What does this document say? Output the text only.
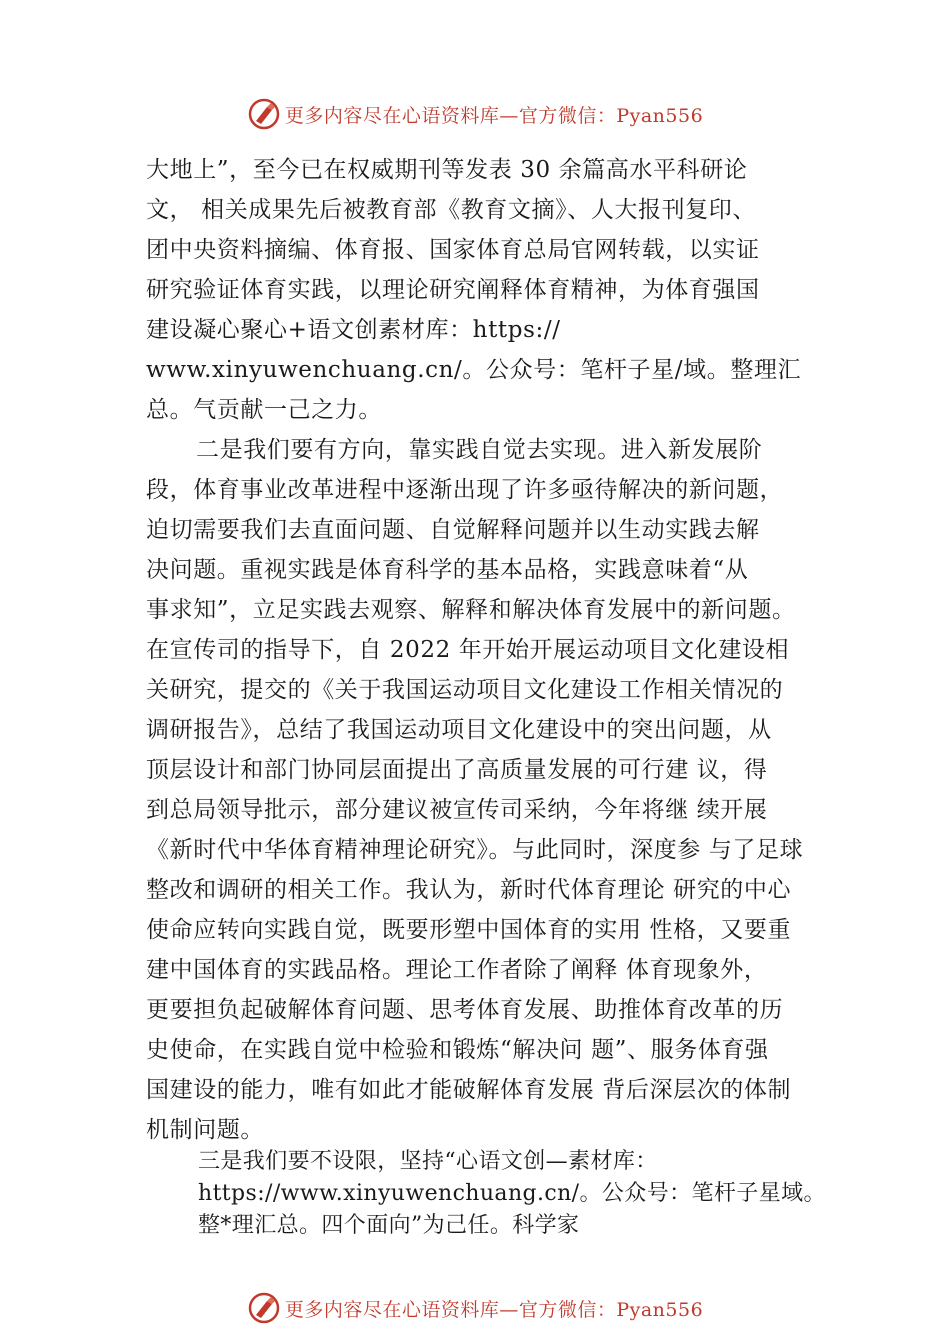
更多内容尽在心语资料库—官方微信：Pyan556
大地上”，至今已在权威期刊等发表 30 余篇高水平科研论
文， 相关成果先后被教育部《教育文摘》、人大报刊复印、
团中央资料摘编、体育报、国家体育总局官网转载，以实证
研究验证体育实践，以理论研究阐释体育精神，为体育强国
建设凝心聚心+语文创素材库：https://
www.xinyuwenchuang.cn/。公众号：笔杆子星/域。整理汇
总。气贡献一己之力。
二是我们要有方向，靠实践自觉去实现。进入新发展阶
段，体育事业改革进程中逐渐出现了许多亟待解决的新问题，
迫切需要我们去直面问题、自觉解释问题并以生动实践去解
决问题。重视实践是体育科学的基本品格，实践意味着“从
事求知”，立足实践去观察、解释和解决体育发展中的新问题。
在宣传司的指导下，自 2022 年开始开展运动项目文化建设相
关研究，提交的《关于我国运动项目文化建设工作相关情况的
调研报告》，总结了我国运动项目文化建设中的突出问题，从
顶层设计和部门协同层面提出了高质量发展的可行建 议，得
到总局领导批示，部分建议被宣传司采纳，今年将继 续开展
《新时代中华体育精神理论研究》。与此同时，深度参 与了足球
整改和调研的相关工作。我认为，新时代体育理论 研究的中心
使命应转向实践自觉，既要形塑中国体育的实用 性格，又要重
建中国体育的实践品格。理论工作者除了阐释 体育现象外，
更要担负起破解体育问题、思考体育发展、助推体育改革的历
史使命，在实践自觉中检验和锻炼“解决问 题”、服务体育强
国建设的能力，唯有如此才能破解体育发展 背后深层次的体制
机制问题。
三是我们要不设限，坚持“心语文创—素材库：
https://www.xinyuwenchuang.cn/。公众号：笔杆子星域。
整*理汇总。四个面向”为己任。科学家
更多内容尽在心语资料库—官方微信：Pyan556
